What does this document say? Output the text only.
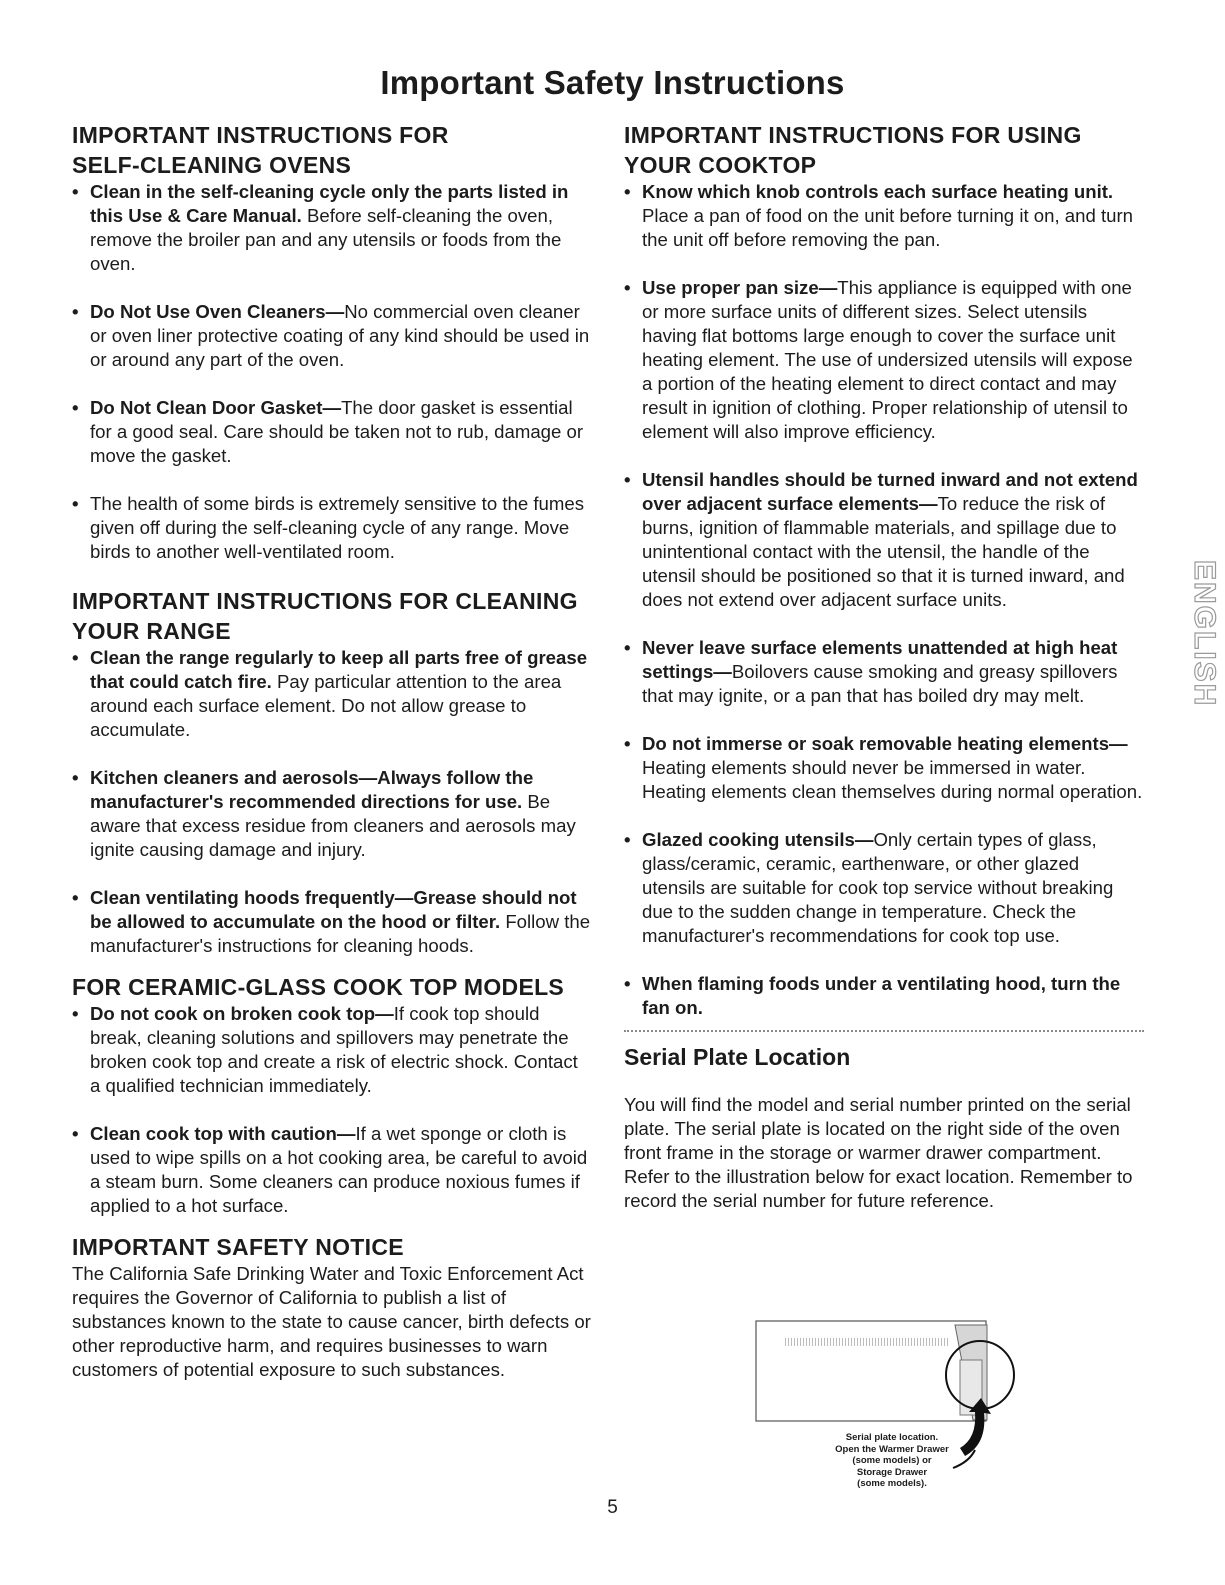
Important Safety Instructions
IMPORTANT INSTRUCTIONS FOR
SELF-CLEANING OVENS
• Clean in the self-cleaning cycle only the parts listed in this Use & Care Manual. Before self-cleaning the oven, remove the broiler pan and any utensils or foods from the oven.
• Do Not Use Oven Cleaners—No commercial oven cleaner or oven liner protective coating of any kind should be used in or around any part of the oven.
• Do Not Clean Door Gasket—The door gasket is essential for a good seal. Care should be taken not to rub, damage or move the gasket.
• The health of some birds is extremely sensitive to the fumes given off during the self-cleaning cycle of any range. Move birds to another well-ventilated room.
IMPORTANT INSTRUCTIONS FOR CLEANING
YOUR RANGE
• Clean the range regularly to keep all parts free of grease that could catch fire. Pay particular attention to the area around each surface element. Do not allow grease to accumulate.
• Kitchen cleaners and aerosols—Always follow the manufacturer's recommended directions for use. Be aware that excess residue from cleaners and aerosols may ignite causing damage and injury.
• Clean ventilating hoods frequently—Grease should not be allowed to accumulate on the hood or filter. Follow the manufacturer's instructions for cleaning hoods.
FOR CERAMIC-GLASS COOK TOP MODELS
• Do not cook on broken cook top—If cook top should break, cleaning solutions and spillovers may penetrate the broken cook top and create a risk of electric shock. Contact a qualified technician immediately.
• Clean cook top with caution—If a wet sponge or cloth is used to wipe spills on a hot cooking area, be careful to avoid a steam burn. Some cleaners can produce noxious fumes if applied to a hot surface.
IMPORTANT SAFETY NOTICE

The California Safe Drinking Water and Toxic Enforcement Act requires the Governor of California to publish a list of substances known to the state to cause cancer, birth defects or other reproductive harm, and requires businesses to warn customers of potential exposure to such substances.

IMPORTANT INSTRUCTIONS FOR USING
YOUR COOKTOP
• Know which knob controls each surface heating unit. Place a pan of food on the unit before turning it on, and turn the unit off before removing the pan.
• Use proper pan size—This appliance is equipped with one or more surface units of different sizes. Select utensils having flat bottoms large enough to cover the surface unit heating element. The use of undersized utensils will expose a portion of the heating element to direct contact and may result in ignition of clothing. Proper relationship of utensil to element will also improve efficiency.
• Utensil handles should be turned inward and not extend over adjacent surface elements—To reduce the risk of burns, ignition of flammable materials, and spillage due to unintentional contact with the utensil, the handle of the utensil should be positioned so that it is turned inward, and does not extend over adjacent surface units.
• Never leave surface elements unattended at high heat settings—Boilovers cause smoking and greasy spillovers that may ignite, or a pan that has boiled dry may melt.
• Do not immerse or soak removable heating elements—Heating elements should never be immersed in water. Heating elements clean themselves during normal operation.
• Glazed cooking utensils—Only certain types of glass, glass/ceramic, ceramic, earthenware, or other glazed utensils are suitable for cook top service without breaking due to the sudden change in temperature. Check the manufacturer's recommendations for cook top use.
• When flaming foods under a ventilating hood, turn the fan on.
Serial Plate Location

You will find the model and serial number printed on the serial plate. The serial plate is located on the right side of the oven front frame in the storage or warmer drawer compartment. Refer to the illustration below for exact location. Remember to record the serial number for future reference.

Serial plate location.
Open the Warmer Drawer
(some models) or
Storage Drawer
(some models).
ENGLISH
5
